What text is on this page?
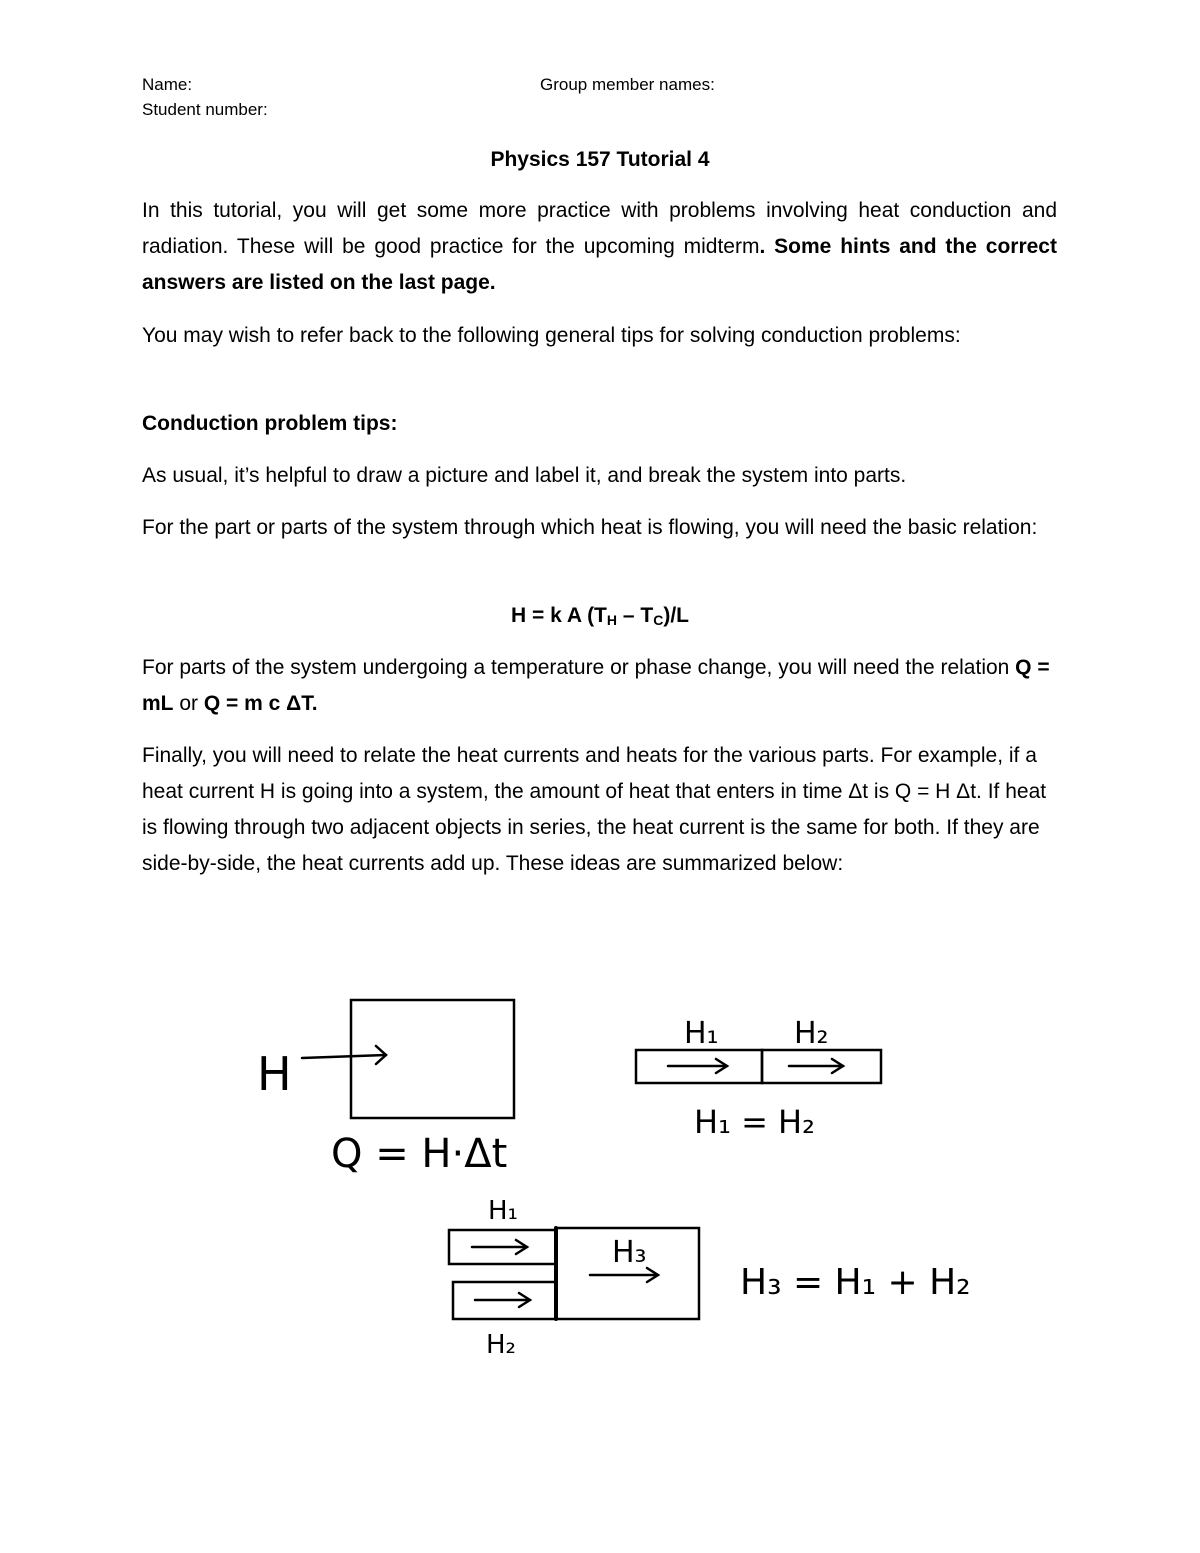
Name:
Student number:
Group member names:
Physics 157 Tutorial 4

In this tutorial, you will get some more practice with problems involving heat conduction and radiation. These will be good practice for the upcoming midterm. Some hints and the correct answers are listed on the last page.

You may wish to refer back to the following general tips for solving conduction problems:

Conduction problem tips:

As usual, it’s helpful to draw a picture and label it, and break the system into parts.

For the part or parts of the system through which heat is flowing, you will need the basic relation:

H = k A $(T_H - T_C)/L$

For parts of the system undergoing a temperature or phase change, you will need the relation Q = mL or Q = m c ΔT.

Finally, you will need to relate the heat currents and heats for the various parts. For example, if a heat current H is going into a system, the amount of heat that enters in time Δt is Q = H Δt. If heat is flowing through two adjacent objects in series, the heat current is the same for both. If they are side-by-side, the heat currents add up. These ideas are summarized below:

H
Q = H·Δt
H₁	H₂
H₁ = H₂
H₁
H₂
H₃
H₃ = H₁ + H₂
